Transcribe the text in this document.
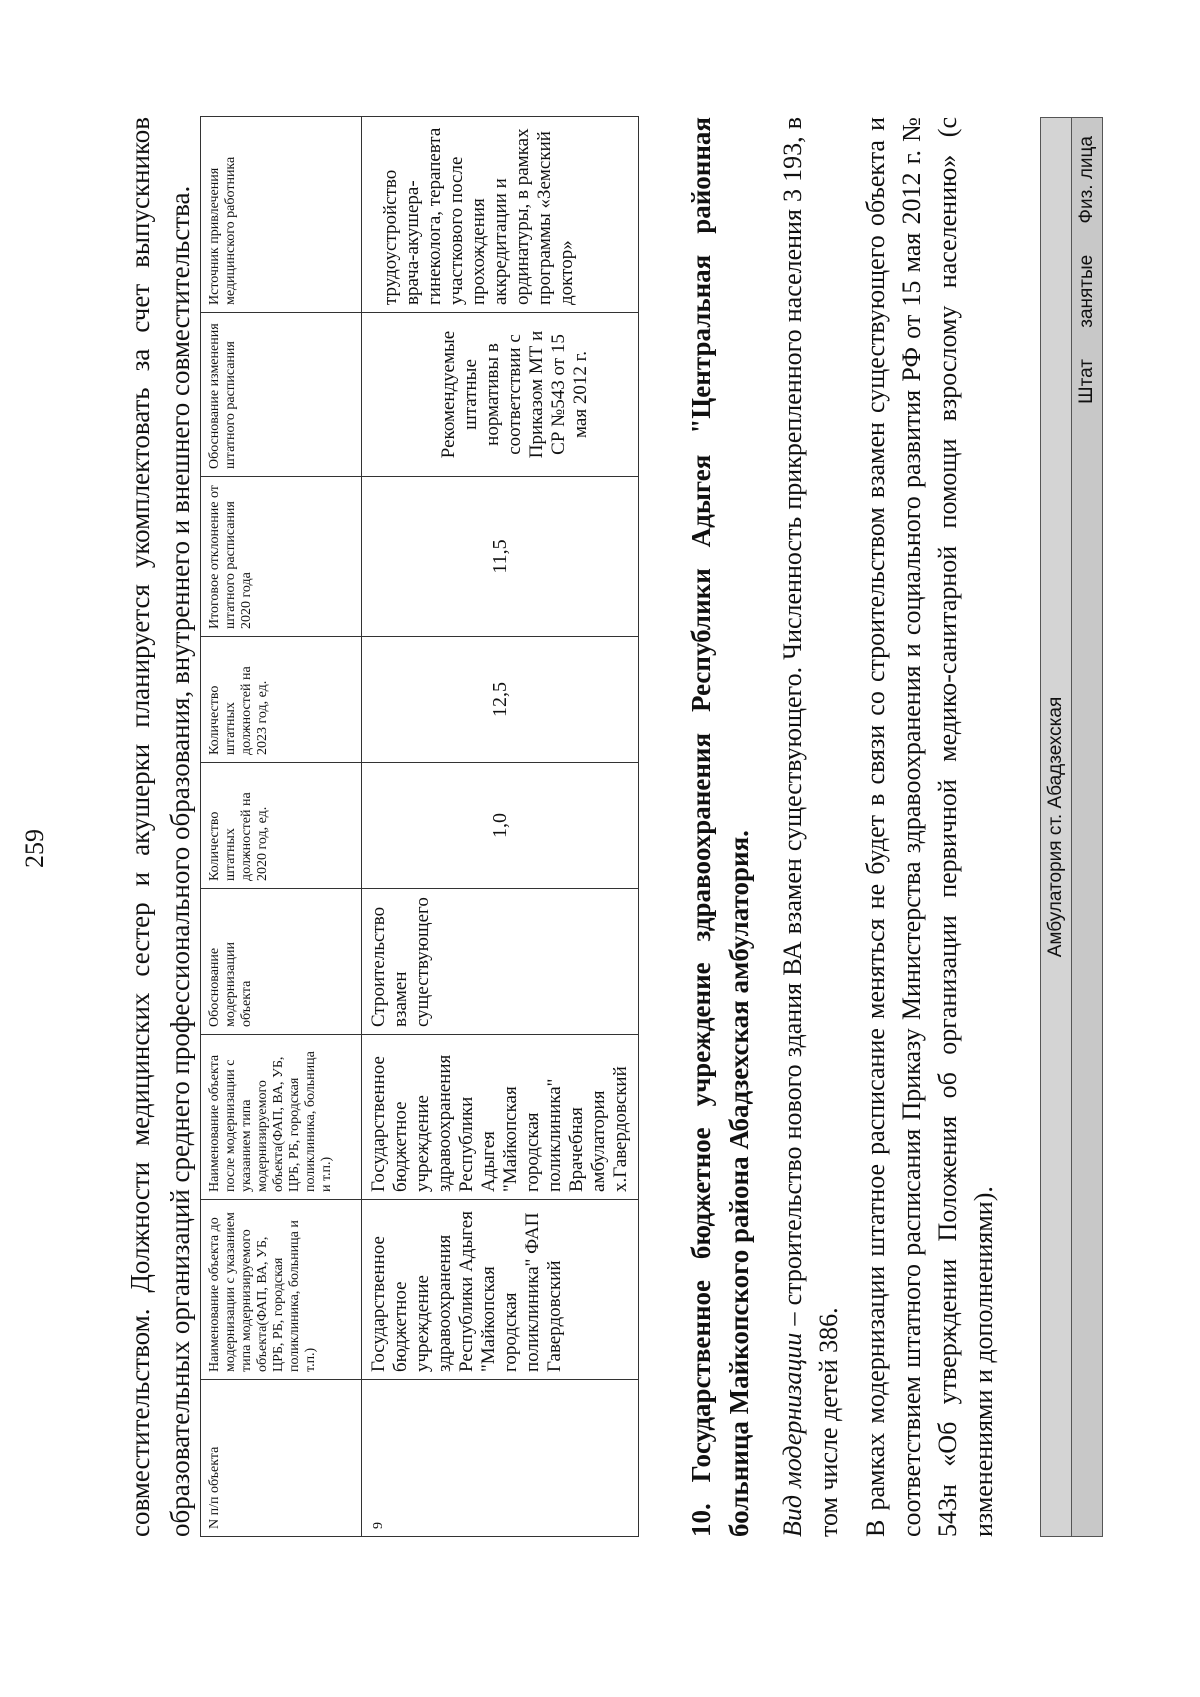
259	совместительством. Должности медицинских сестер и акушерки планируется укомплектовать за счет выпускников образовательных организаций среднего профессионального образования, внутреннего и внешнего совместительства. N п/п объекта	Наименование объекта до модернизации с указанием типа модернизируемого объекта(ФАП, ВА, УБ, ЦРБ, РБ, городская поликлиника, больница и т.п.)	Наименование объекта после модернизации с указанием типа модернизируемого объекта(ФАП, ВА, УБ, ЦРБ, РБ, городская поликлиника, больница и т.п.)	Обоснование модернизации объекта	Количество штатных должностей на 2020 год, ед.	Количество штатных должностей на 2023 год, ед.	Итоговое отклонение от штатного расписания 2020 года	Обоснование изменения штатного расписания	Источник привлечения медицинского работника
9	Государственное бюджетное учреждение здравоохранения Республики Адыгея "Майкопская городская поликлиника" ФАП Гавердовский	Государственное бюджетное учреждение здравоохранения Республики Адыгея "Майкопская городская поликлиника" Врачебная амбулатория х.Гавердовский	Строительство взамен существующего	1,0	12,5	11,5	Рекомендуемые штатные нормативы в соответствии с Приказом МТ и СР №543 от 15 мая 2012 г.	трудоустройство врача-акушера-гинеколога, терапевта участкового после прохождения аккредитации и ординатуры, в рамках программы «Земский доктор»	10. Государственное бюджетное учреждение здравоохранения Республики Адыгея "Центральная районная больница Майкопского района Абадзехская амбулатория. Вид модернизации – строительство нового здания ВА взамен существующего. Численность прикрепленного населения 3 193, в том числе детей 386. В рамках модернизации штатное расписание меняться не будет в связи со строительством взамен существующего объекта и соответствием штатного расписания Приказу Министерства здравоохранения и социального развития РФ от 15 мая 2012 г. № 543н «Об утверждении Положения об организации первичной медико-санитарной помощи взрослому населению» (с изменениями и дополнениями).

Амбулатория ст. Абадзехская
Штат занятые Физ. лица
